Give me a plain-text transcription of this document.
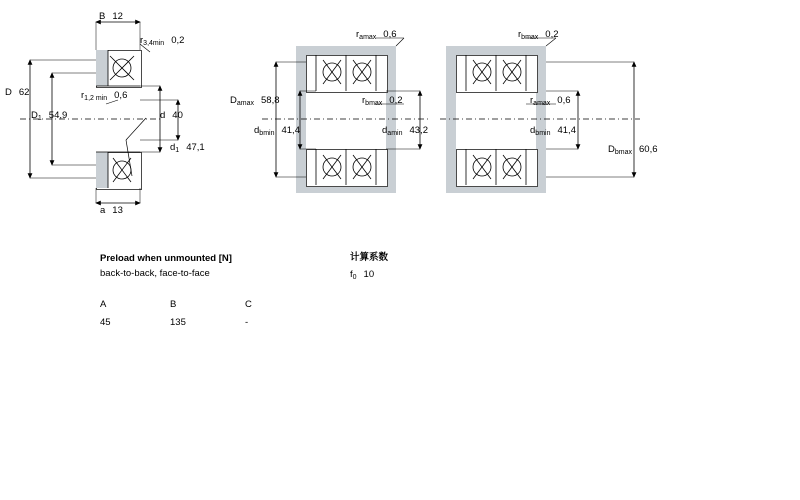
B 12
$r_{3,4min}$ 0,2
D 62	$r_{1,2 min}$ 0,6
$D_1$ 54,9	d 40
$d_1$ 47,1
a 13
$r_{amax}$ 0,6
$D_{amax}$ 58,8	$r_{bmax}$ 0,2
$d_{bmin}$ 41,4	$d_{amin}$ 43,2
$r_{bmax}$ 0,2
$r_{amax}$ 0,6
$d_{bmin}$ 41,4
$D_{bmax}$ 60,6
Preload when unmounted [N]
back-to-back, face-to-face
A	B	C
45	135	-
计算系数
$f_0$ 10
